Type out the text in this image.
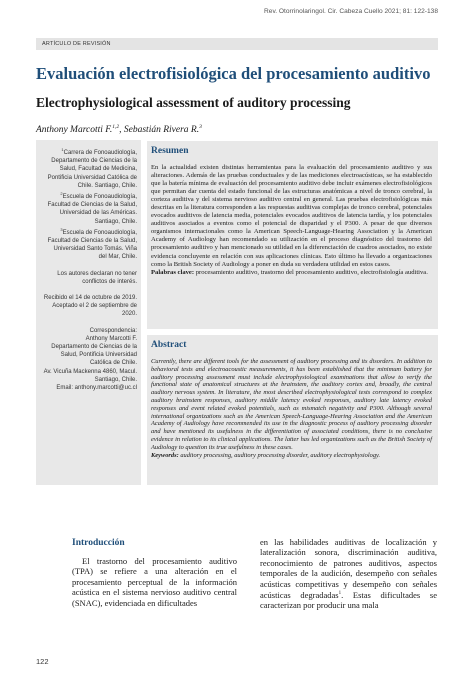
Rev. Otorrinolaringol. Cir. Cabeza Cuello 2021; 81: 122-138
ARTÍCULO DE REVISIÓN
Evaluación electrofisiológica del procesamiento auditivo
Electrophysiological assessment of auditory processing
Anthony Marcotti F.$^{1,2}$, Sebastián Rivera R.$^3$
$^1$Carrera de Fonoaudiología, Departamento de Ciencias de la Salud, Facultad de Medicina, Pontificia Universidad Católica de Chile. Santiago, Chile.
$^2$Escuela de Fonoaudiología, Facultad de Ciencias de la Salud, Universidad de las Américas. Santiago, Chile.
$^3$Escuela de Fonoaudiología, Facultad de Ciencias de la Salud, Universidad Santo Tomás. Viña del Mar, Chile.
Los autores declaran no tener conflictos de interés.
Recibido el 14 de octubre de 2019. Aceptado el 2 de septiembre de 2020.
Correspondencia:
Anthony Marcotti F.
Departamento de Ciencias de la Salud, Pontificia Universidad Católica de Chile.
Av. Vicuña Mackenna 4860, Macul. Santiago, Chile.
Email: anthony.marcotti@uc.cl
Resumen

En la actualidad existen distintas herramientas para la evaluación del procesamiento auditivo y sus alteraciones. Además de las pruebas conductuales y de las mediciones electroacústicas, se ha establecido que la batería mínima de evaluación del procesamiento auditivo debe incluir exámenes electrofisiológicos que permitan dar cuenta del estado funcional de las estructuras anatómicas a nivel de tronco cerebral, la corteza auditiva y del sistema nervioso auditivo central en general. Las pruebas electrofisiológicas más descritas en la literatura corresponden a las respuestas auditivas complejas de tronco cerebral, potenciales evocados auditivos de latencia media, potenciales evocados auditivos de latencia tardía, y los potenciales auditivos asociados a eventos como el potencial de disparidad y el P300. A pesar de que diversos organismos internacionales como la American Speech-Language-Hearing Association y la American Academy of Audiology han recomendado su utilización en el proceso diagnóstico del trastorno del procesamiento auditivo y han mencionado su utilidad en la diferenciación de cuadros asociados, no existe evidencia concluyente en relación con sus aplicaciones clínicas. Esto último ha llevado a organizaciones como la British Society of Audiology a poner en duda su verdadera utilidad en estos casos.

Palabras clave: procesamiento auditivo, trastorno del procesamiento auditivo, electrofisiología auditiva.

Abstract

Currently, there are different tools for the assessment of auditory processing and its disorders. In addition to behavioral tests and electroacoustic measurements, it has been established that the minimum battery for auditory processing assessment must include electrophysiological examinations that allow to verify the functional state of anatomical structures at the brainstem, the auditory cortex and, broadly, the central auditory nervous system. In literature, the most described electrophysiological tests correspond to complex auditory brainstem responses, auditory middle latency evoked responses, auditory late latency evoked responses and event related evoked potentials, such as mismatch negativity and P300. Although several international organizations such as the American Speech-Language-Hearing Association and the American Academy of Audiology have recommended its use in the diagnostic process of auditory processing disorder and have mentioned its usefulness in the differentiation of associated conditions, there is no conclusive evidence in relation to its clinical applications. The latter has led organizations such as the British Society of Audiology to question its true usefulness in these cases.

Keywords: auditory processing, auditory processing disorder, auditory electrophysiology.

Introducción

El trastorno del procesamiento auditivo (TPA) se refiere a una alteración en el procesamiento perceptual de la información acústica en el sistema nervioso auditivo central (SNAC), evidenciada en dificultades

en las habilidades auditivas de localización y lateralización sonora, discriminación auditiva, reconocimiento de patrones auditivos, aspectos temporales de la audición, desempeño con señales acústicas competitivas y desempeño con señales acústicas degradadas$^1$. Estas dificultades se caracterizan por producir una mala

122
